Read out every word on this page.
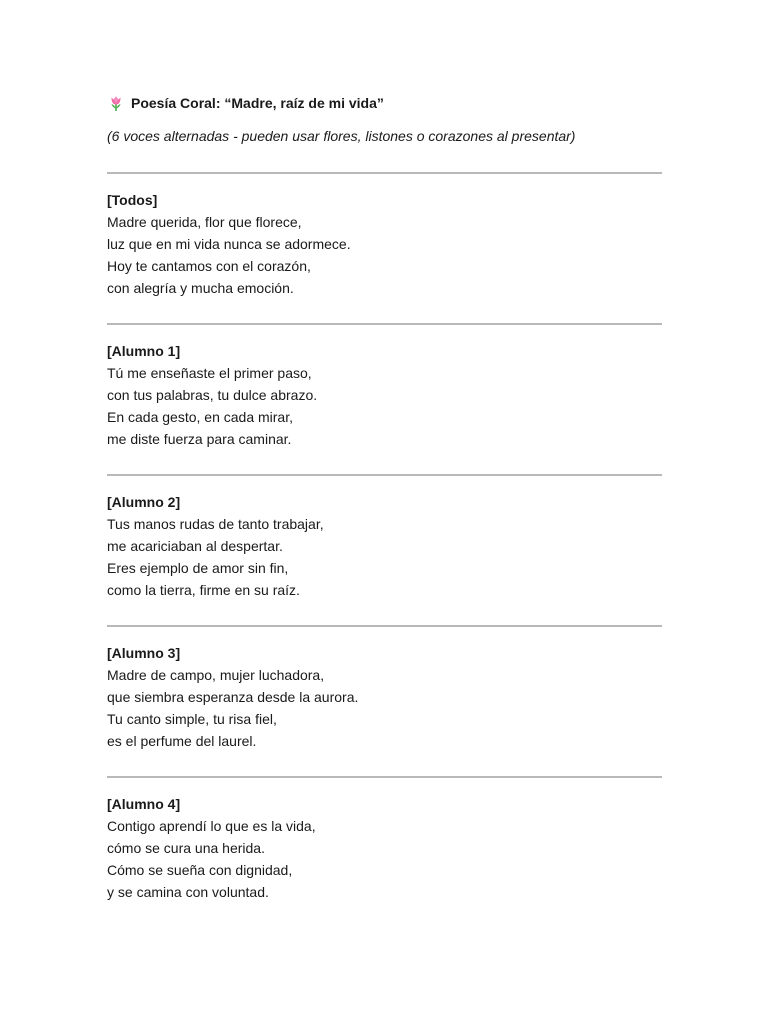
Poesía Coral: “Madre, raíz de mi vida”
(6 voces alternadas - pueden usar flores, listones o corazones al presentar)
[Todos]
Madre querida, flor que florece,
luz que en mi vida nunca se adormece.
Hoy te cantamos con el corazón,
con alegría y mucha emoción.
[Alumno 1]
Tú me enseñaste el primer paso,
con tus palabras, tu dulce abrazo.
En cada gesto, en cada mirar,
me diste fuerza para caminar.
[Alumno 2]
Tus manos rudas de tanto trabajar,
me acariciaban al despertar.
Eres ejemplo de amor sin fin,
como la tierra, firme en su raíz.
[Alumno 3]
Madre de campo, mujer luchadora,
que siembra esperanza desde la aurora.
Tu canto simple, tu risa fiel,
es el perfume del laurel.
[Alumno 4]
Contigo aprendí lo que es la vida,
cómo se cura una herida.
Cómo se sueña con dignidad,
y se camina con voluntad.
